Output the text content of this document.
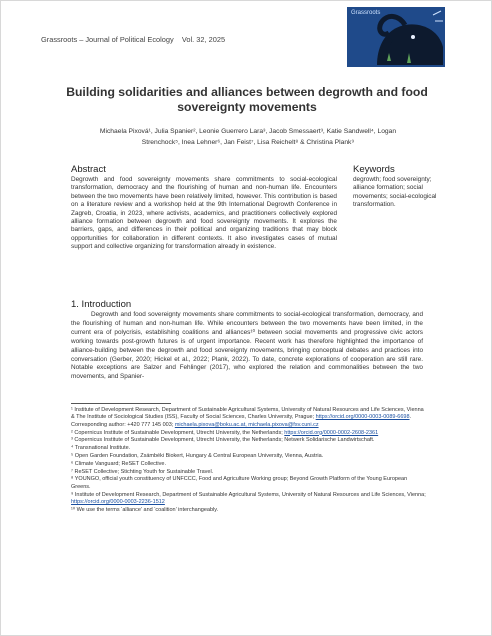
Grassroots – Journal of Political Ecology Vol. 32, 2025
Grassroots
Building solidarities and alliances between degrowth and food sovereignty movements
Michaela Pixová¹, Julia Spanier², Leonie Guerrero Lara³, Jacob Smessaert³, Katie Sandwell⁴, Logan
Strenchock⁵, Inea Lehner⁶, Jan Feist⁷, Lisa Reichelt⁸ & Christina Plank⁹
Abstract
Degrowth and food sovereignty movements share commitments to social-ecological transformation, democracy and the flourishing of human and non-human life. Encounters between the two movements have been relatively limited, however. This contribution is based on a literature review and a workshop held at the 9th International Degrowth Conference in Zagreb, Croatia, in 2023, where activists, academics, and practitioners collectively explored alliance formation between degrowth and food sovereignty movements. It explores the barriers, gaps, and differences in their political and organizing traditions that may block opportunities for collaboration in different contexts. It also investigates cases of mutual support and collective organizing for transformation already in existence.
Keywords
degrowth; food sovereignty; alliance formation; social movements; social-ecological transformation.
1. Introduction
Degrowth and food sovereignty movements share commitments to social-ecological transformation, democracy, and the flourishing of human and non-human life. While encounters between the two movements have been limited, in the current era of polycrisis, establishing coalitions and alliances¹⁰ between social movements and progressive civic actors working towards post-growth futures is of urgent importance. Recent work has therefore highlighted the importance of alliance-building between the degrowth and food sovereignty movements, bringing conceptual debates and practices into conversation (Gerber, 2020; Hickel et al., 2022; Plank, 2022). To date, concrete explorations of cooperation are still rare. Notable exceptions are Salzer and Fehlinger (2017), who explored the relation and commonalities between the two movements, and Spanier-
¹ Institute of Development Research, Department of Sustainable Agricultural Systems, University of Natural Resources and Life Sciences, Vienna & The Institute of Sociological Studies (ISS), Faculty of Social Sciences, Charles University, Prague; https://orcid.org/0000-0003-0089-6698. Corresponding author: +420 777 145 003; michaela.pixova@boku.ac.at, michaela.pixova@fsv.cuni.cz
² Copernicus Institute of Sustainable Development, Utrecht University, the Netherlands; https://orcid.org/0000-0002-2608-2361
³ Copernicus Institute of Sustainable Development, Utrecht University, the Netherlands; Netwerk Solidarische Landwirtschaft.
⁴ Transnational Institute.
⁵ Open Garden Foundation, Zsámbéki Biokert, Hungary & Central European University, Vienna, Austria.
⁶ Climate Vanguard; ReSET Collective.
⁷ ReSET Collective; Stichting Youth for Sustainable Travel.
⁸ YOUNGO, official youth constituency of UNFCCC, Food and Agriculture Working group; Beyond Growth Platform of the Young European Greens.
⁹ Institute of Development Research, Department of Sustainable Agricultural Systems, University of Natural Resources and Life Sciences, Vienna; https://orcid.org/0000-0003-2236-1512
¹⁰ We use the terms ‘alliance’ and ‘coalition’ interchangeably.
